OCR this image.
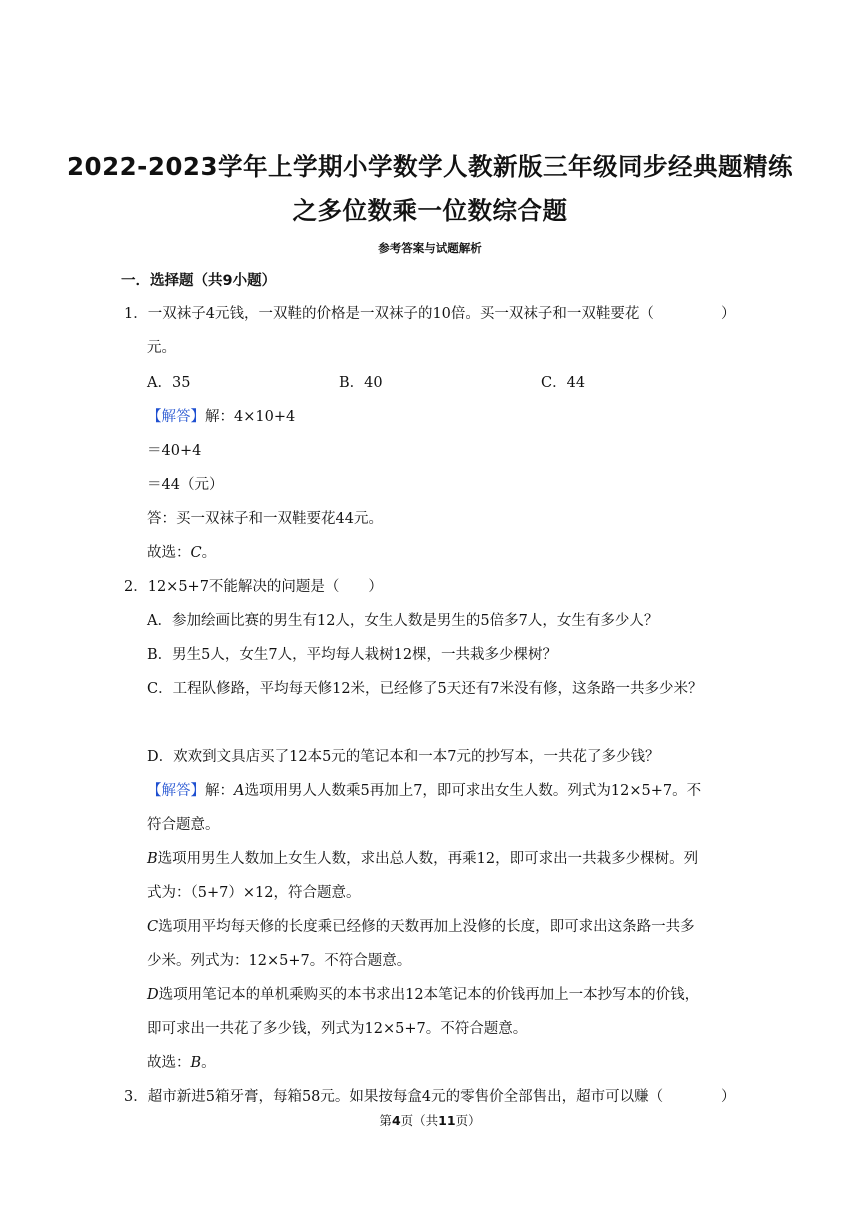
2022-2023学年上学期小学数学人教新版三年级同步经典题精练
之多位数乘一位数综合题
参考答案与试题解析
一．选择题（共9小题）
1．一双袜子4元钱，一双鞋的价格是一双袜子的10倍。买一双袜子和一双鞋要花（	）
元。
A．35	B．40	C．44
【解答】解：4×10+4
＝40+4
＝44（元）
答：买一双袜子和一双鞋要花44元。
故选：C。
2．12×5+7不能解决的问题是（　　）
A．参加绘画比赛的男生有12人，女生人数是男生的5倍多7人，女生有多少人？
B．男生5人，女生7人，平均每人栽树12棵，一共栽多少棵树？
C．工程队修路，平均每天修12米，已经修了5天还有7米没有修，这条路一共多少米？
D．欢欢到文具店买了12本5元的笔记本和一本7元的抄写本，一共花了多少钱？
【解答】解：A选项用男人人数乘5再加上7，即可求出女生人数。列式为12×5+7。不
符合题意。
B选项用男生人数加上女生人数，求出总人数，再乘12，即可求出一共栽多少棵树。列
式为：（5+7）×12，符合题意。
C选项用平均每天修的长度乘已经修的天数再加上没修的长度，即可求出这条路一共多
少米。列式为：12×5+7。不符合题意。
D选项用笔记本的单机乘购买的本书求出12本笔记本的价钱再加上一本抄写本的价钱，
即可求出一共花了多少钱，列式为12×5+7。不符合题意。
故选：B。
3．超市新进5箱牙膏，每箱58元。如果按每盒4元的零售价全部售出，超市可以赚（	）
第4页（共11页）
